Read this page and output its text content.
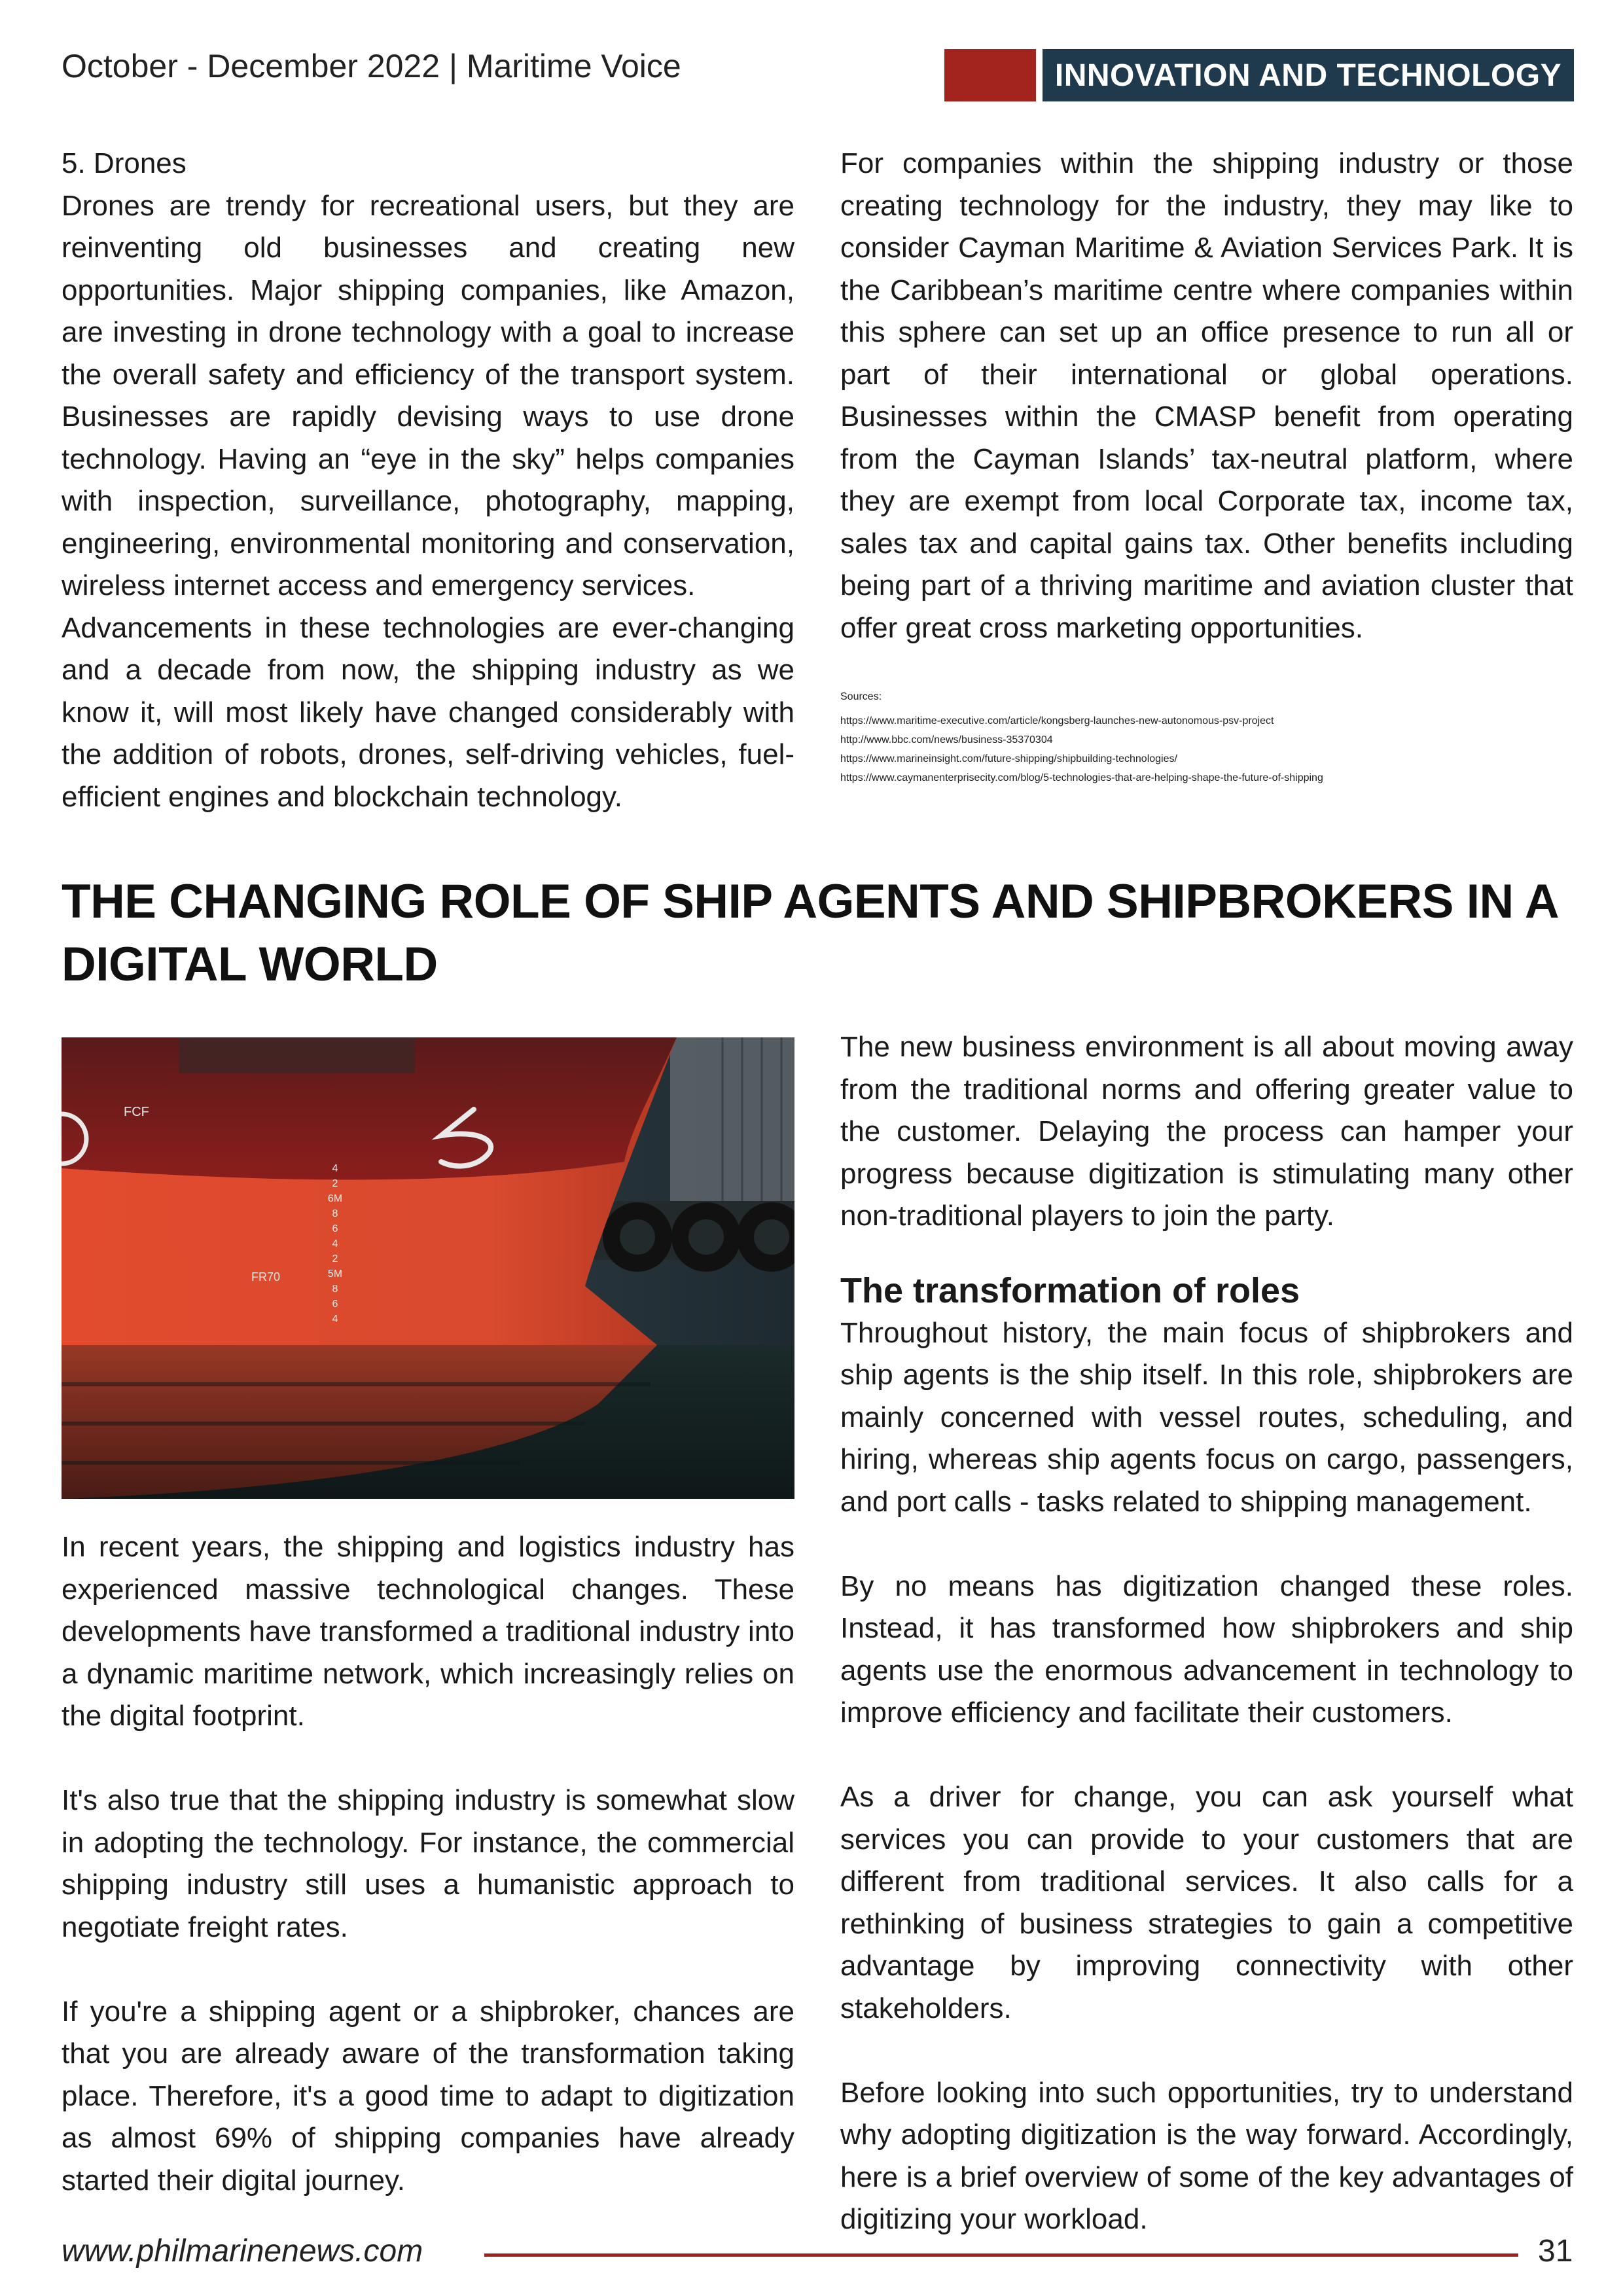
October - December 2022 | Maritime Voice	INNOVATION AND TECHNOLOGY

5. Drones

Drones are trendy for recreational users, but they are reinventing old businesses and creating new opportunities. Major shipping companies, like Amazon, are investing in drone technology with a goal to increase the overall safety and efficiency of the transport system. Businesses are rapidly devising ways to use drone technology. Having an “eye in the sky” helps companies with inspection, surveillance, photography, mapping, engineering, environmental monitoring and conservation, wireless internet access and emergency services.

Advancements in these technologies are ever-changing and a decade from now, the shipping industry as we know it, will most likely have changed considerably with the addition of robots, drones, self-driving vehicles, fuel-efficient engines and blockchain technology.

For companies within the shipping industry or those creating technology for the industry, they may like to consider Cayman Maritime & Aviation Services Park. It is the Caribbean’s maritime centre where companies within this sphere can set up an office presence to run all or part of their international or global operations. Businesses within the CMASP benefit from operating from the Cayman Islands’ tax-neutral platform, where they are exempt from local Corporate tax, income tax, sales tax and capital gains tax. Other benefits including being part of a thriving maritime and aviation cluster that offer great cross marketing opportunities.

Sources:
https://www.maritime-executive.com/article/kongsberg-launches-new-autonomous-psv-project
http://www.bbc.com/news/business-35370304
https://www.marineinsight.com/future-shipping/shipbuilding-technologies/
https://www.caymanenterprisecity.com/blog/5-technologies-that-are-helping-shape-the-future-of-shipping
THE CHANGING ROLE OF SHIP AGENTS AND SHIPBROKERS IN A DIGITAL WORLD
FCF
FR70
4
2
6M
8
6
4
2
5M
8
6
4

In recent years, the shipping and logistics industry has experienced massive technological changes. These developments have transformed a traditional industry into a dynamic maritime network, which increasingly relies on the digital footprint.

It's also true that the shipping industry is somewhat slow in adopting the technology. For instance, the commercial shipping industry still uses a humanistic approach to negotiate freight rates.

If you're a shipping agent or a shipbroker, chances are that you are already aware of the transformation taking place. Therefore, it's a good time to adapt to digitization as almost 69% of shipping companies have already started their digital journey.

The new business environment is all about moving away from the traditional norms and offering greater value to the customer. Delaying the process can hamper your progress because digitization is stimulating many other non-traditional players to join the party.

The transformation of roles

Throughout history, the main focus of shipbrokers and ship agents is the ship itself. In this role, shipbrokers are mainly concerned with vessel routes, scheduling, and hiring, whereas ship agents focus on cargo, passengers, and port calls - tasks related to shipping management.

By no means has digitization changed these roles. Instead, it has transformed how shipbrokers and ship agents use the enormous advancement in technology to improve efficiency and facilitate their customers.

As a driver for change, you can ask yourself what services you can provide to your customers that are different from traditional services. It also calls for a rethinking of business strategies to gain a competitive advantage by improving connectivity with other stakeholders.

Before looking into such opportunities, try to understand why adopting digitization is the way forward. Accordingly, here is a brief overview of some of the key advantages of digitizing your workload.

www.philmarinenews.com	31
